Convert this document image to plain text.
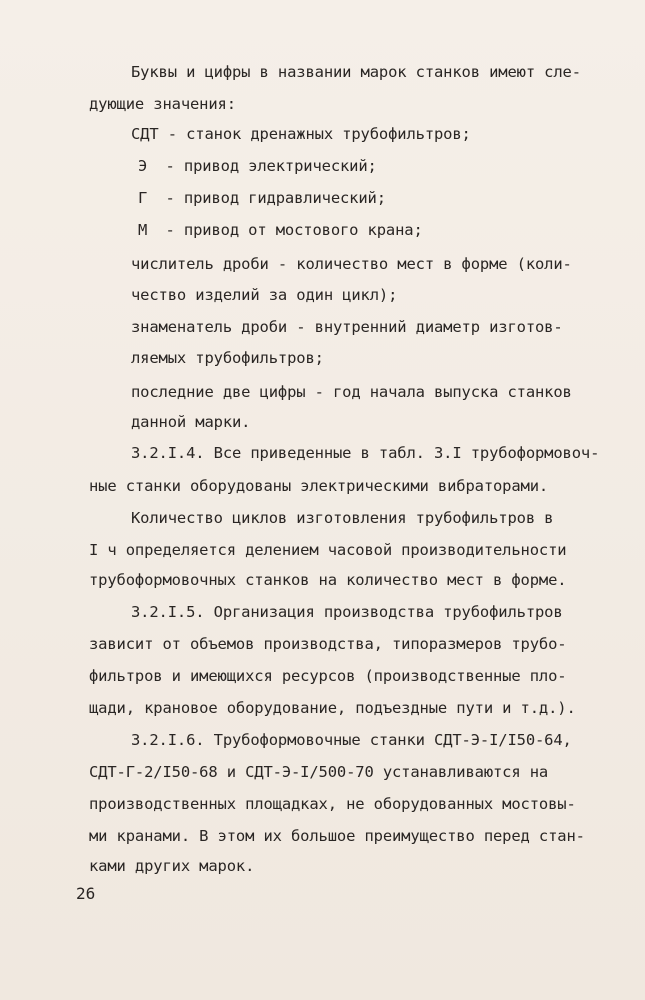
Буквы и цифры в названии марок станков имеют сле-
дующие значения:
СДТ - станок дренажных трубофильтров;
Э  - привод электрический;
Г  - привод гидравлический;
М  - привод от мостового крана;
числитель дроби - количество мест в форме (коли-
чество изделий за один цикл);
знаменатель дроби - внутренний диаметр изготов-
ляемых трубофильтров;
последние две цифры - год начала выпуска станков
данной марки.
3.2.I.4. Все приведенные в табл. 3.I трубоформовоч-
ные станки оборудованы электрическими вибраторами.
Количество циклов изготовления трубофильтров в
I ч определяется делением часовой производительности
трубоформовочных станков на количество мест в форме.
3.2.I.5. Организация производства трубофильтров
зависит от объемов производства, типоразмеров трубо-
фильтров и имеющихся ресурсов (производственные пло-
щади, крановое оборудование, подъездные пути и т.д.).
3.2.I.6. Трубоформовочные станки СДТ-Э-I/I50-64,
СДТ-Г-2/I50-68 и СДТ-Э-I/500-70 устанавливаются на
производственных площадках, не оборудованных мостовы-
ми кранами. В этом их большое преимущество перед стан-
ками других марок.
26
